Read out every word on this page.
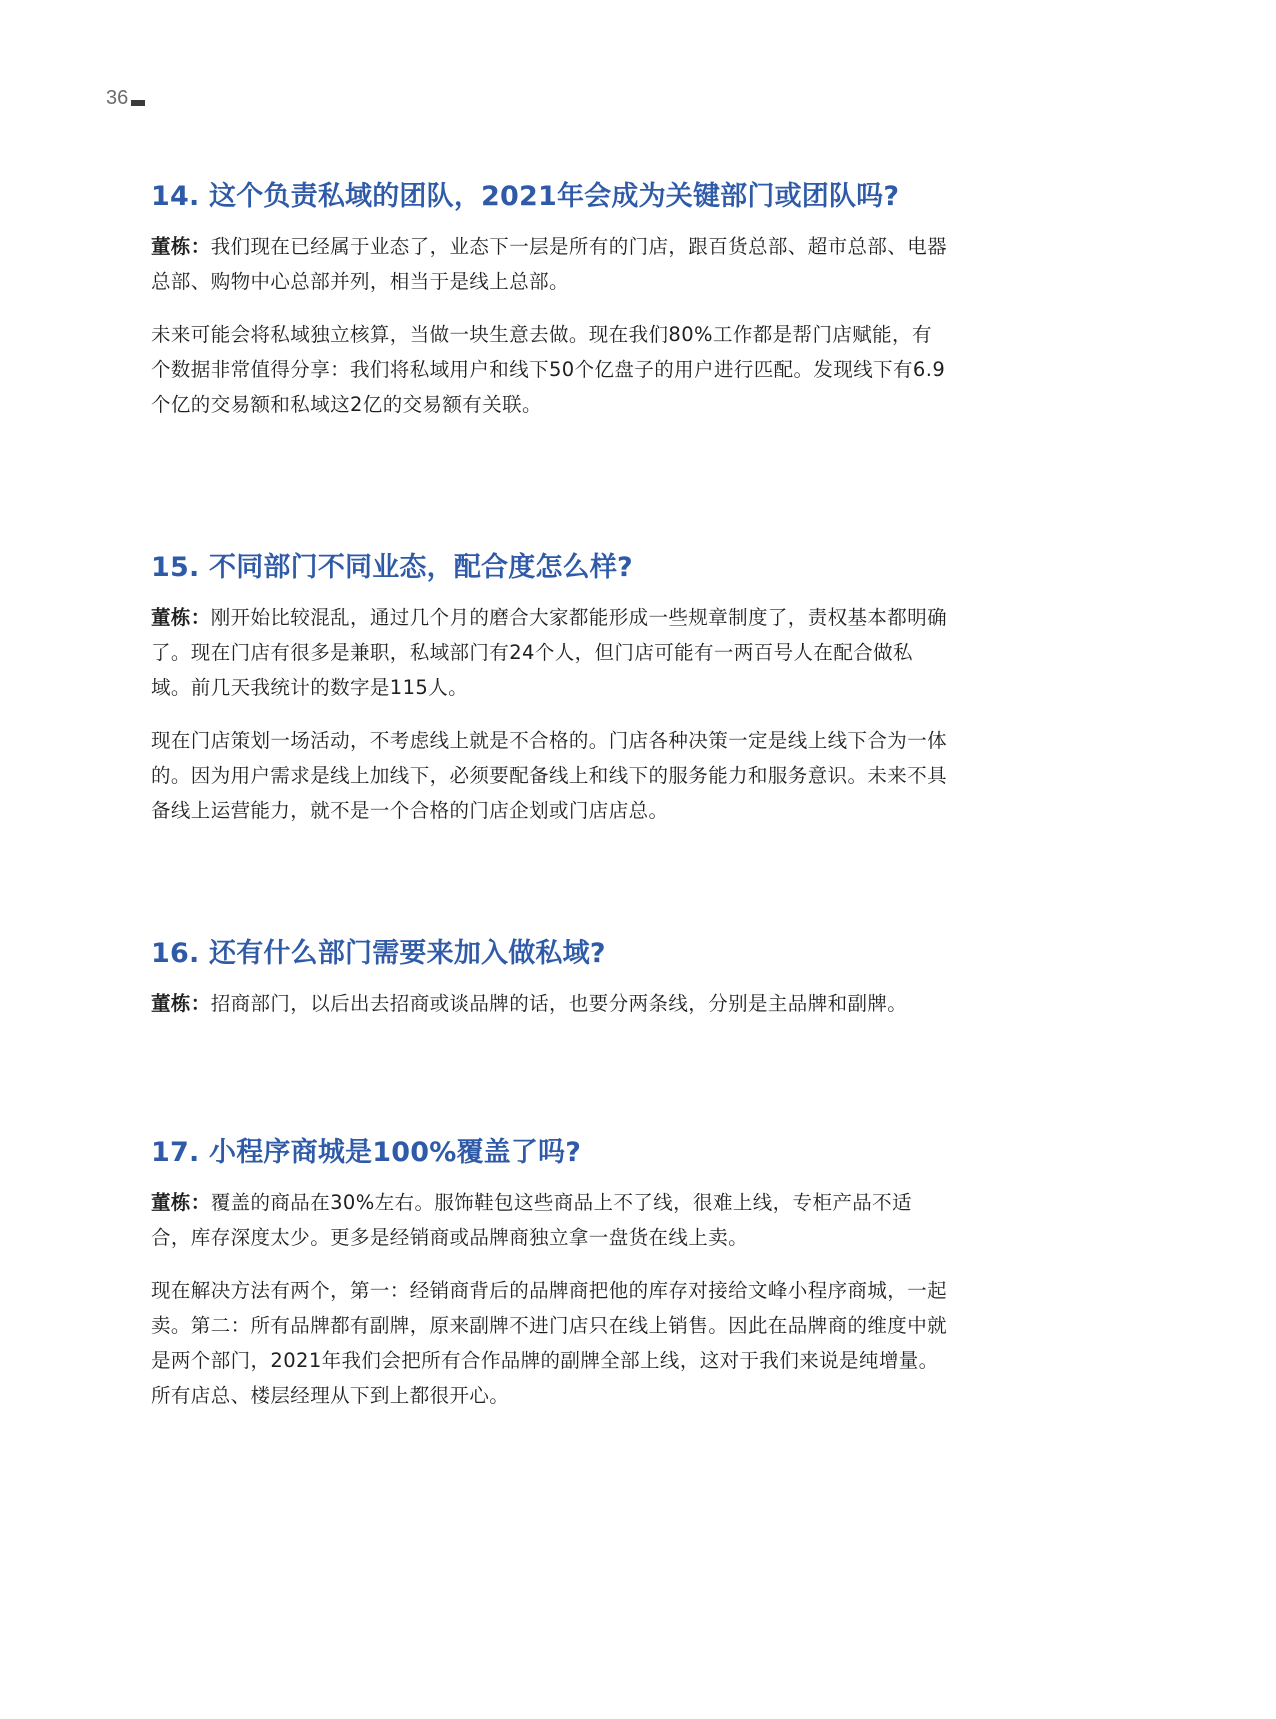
36
14. 这个负责私域的团队，2021年会成为关键部门或团队吗?

董栋：我们现在已经属于业态了，业态下一层是所有的门店，跟百货总部、超市总部、电器总部、购物中心总部并列，相当于是线上总部。

未来可能会将私域独立核算，当做一块生意去做。现在我们80%工作都是帮门店赋能，有个数据非常值得分享：我们将私域用户和线下50个亿盘子的用户进行匹配。发现线下有6.9个亿的交易额和私域这2亿的交易额有关联。

15. 不同部门不同业态，配合度怎么样?

董栋：刚开始比较混乱，通过几个月的磨合大家都能形成一些规章制度了，责权基本都明确了。现在门店有很多是兼职，私域部门有24个人，但门店可能有一两百号人在配合做私域。前几天我统计的数字是115人。

现在门店策划一场活动，不考虑线上就是不合格的。门店各种决策一定是线上线下合为一体的。因为用户需求是线上加线下，必须要配备线上和线下的服务能力和服务意识。未来不具备线上运营能力，就不是一个合格的门店企划或门店店总。

16. 还有什么部门需要来加入做私域?

董栋：招商部门，以后出去招商或谈品牌的话，也要分两条线，分别是主品牌和副牌。

17. 小程序商城是100%覆盖了吗?

董栋：覆盖的商品在30%左右。服饰鞋包这些商品上不了线，很难上线，专柜产品不适合，库存深度太少。更多是经销商或品牌商独立拿一盘货在线上卖。

现在解决方法有两个，第一：经销商背后的品牌商把他的库存对接给文峰小程序商城，一起卖。第二：所有品牌都有副牌，原来副牌不进门店只在线上销售。因此在品牌商的维度中就是两个部门，2021年我们会把所有合作品牌的副牌全部上线，这对于我们来说是纯增量。所有店总、楼层经理从下到上都很开心。
